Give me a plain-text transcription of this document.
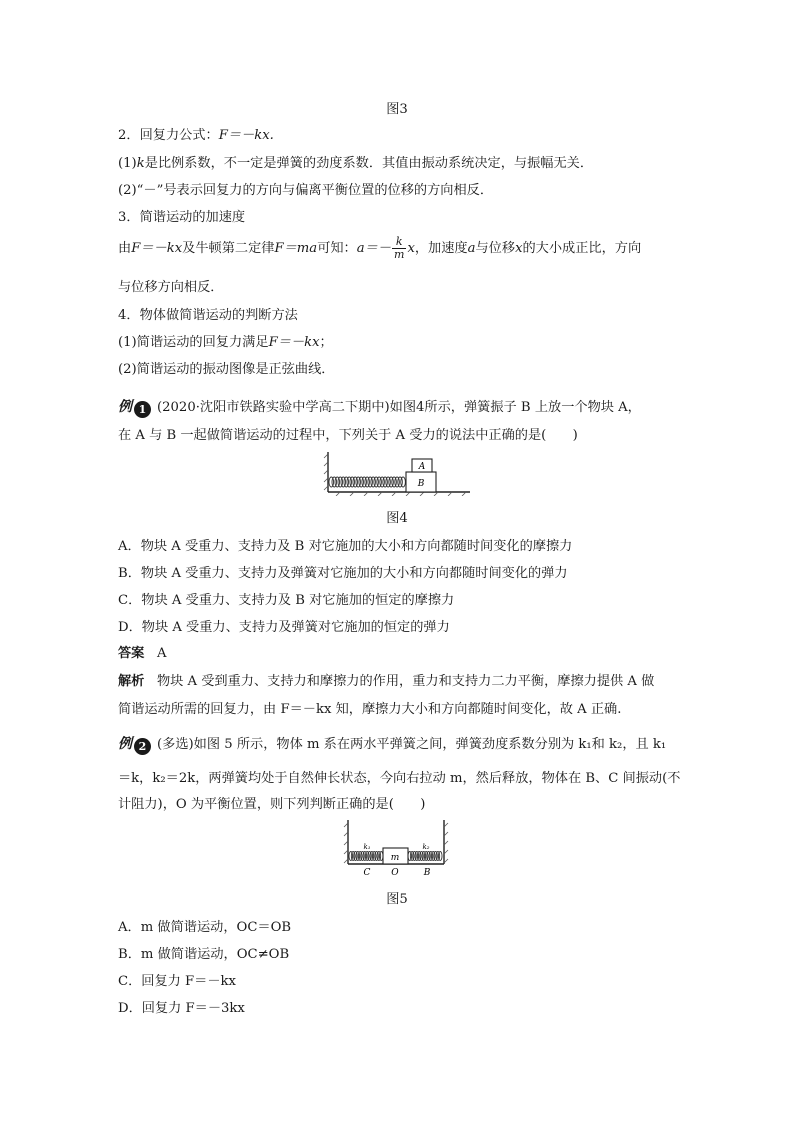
图3
2．回复力公式：F＝－kx.
(1)k是比例系数，不一定是弹簧的劲度系数．其值由振动系统决定，与振幅无关．
(2)“－”号表示回复力的方向与偏离平衡位置的位移的方向相反．
3．简谐运动的加速度
由F＝－kx及牛顿第二定律F＝ma可知：$a=- \frac{k}{m}$ x，加速度a与位移x的大小成正比，方向
与位移方向相反．
4．物体做简谐运动的判断方法
(1)简谐运动的回复力满足F＝－kx；
(2)简谐运动的振动图像是正弦曲线．
例 1 (2020·沈阳市铁路实验中学高二下期中)如图4所示，弹簧振子 B 上放一个物块 A，
在 A 与 B 一起做简谐运动的过程中，下列关于 A 受力的说法中正确的是(　　)
A
B
图4
A．物块 A 受重力、支持力及 B 对它施加的大小和方向都随时间变化的摩擦力
B．物块 A 受重力、支持力及弹簧对它施加的大小和方向都随时间变化的弹力
C．物块 A 受重力、支持力及 B 对它施加的恒定的摩擦力
D．物块 A 受重力、支持力及弹簧对它施加的恒定的弹力
答案 A
解析 物块 A 受到重力、支持力和摩擦力的作用，重力和支持力二力平衡，摩擦力提供 A 做
简谐运动所需的回复力，由 F＝－kx 知，摩擦力大小和方向都随时间变化，故 A 正确.
例 2 (多选)如图 5 所示，物体 m 系在两水平弹簧之间，弹簧劲度系数分别为 k₁和 k₂，且 k₁
＝k，k₂＝2k，两弹簧均处于自然伸长状态，今向右拉动 m，然后释放，物体在 B、C 间振动(不
计阻力)，O 为平衡位置，则下列判断正确的是(　　)
m
k₁	k₂
C O	B
图5
A．m 做简谐运动，OC＝OB
B．m 做简谐运动，OC≠OB
C．回复力 F＝－kx
D．回复力 F＝－3kx
